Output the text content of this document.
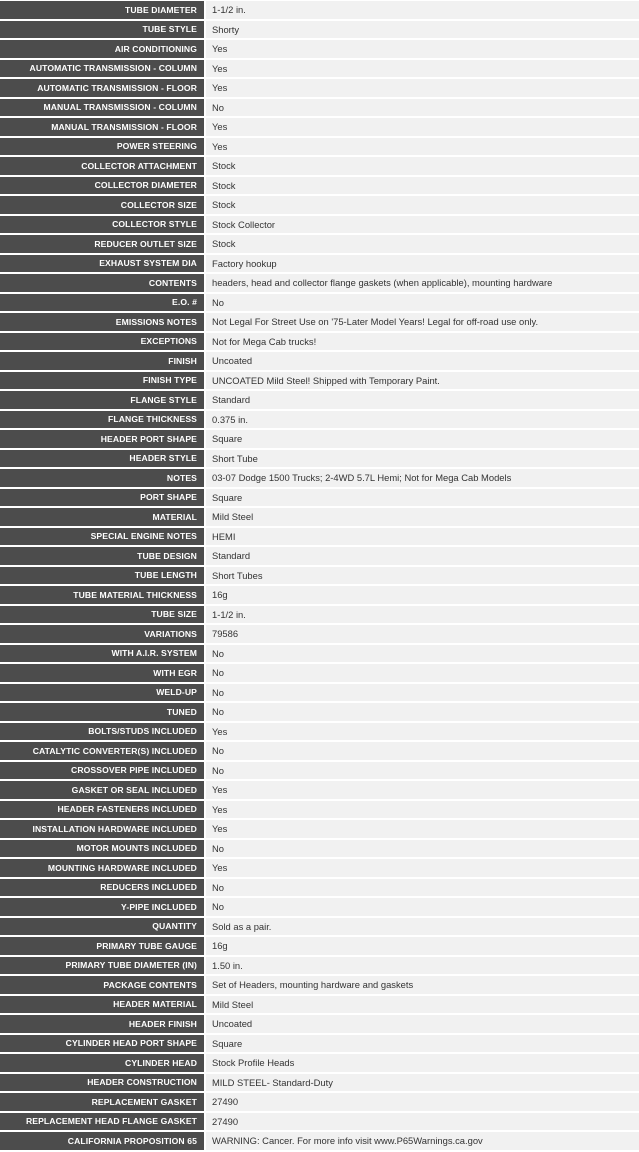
TUBE DIAMETER	1-1/2 in.
TUBE STYLE	Shorty
AIR CONDITIONING	Yes
AUTOMATIC TRANSMISSION - COLUMN	Yes
AUTOMATIC TRANSMISSION - FLOOR	Yes
MANUAL TRANSMISSION - COLUMN	No
MANUAL TRANSMISSION - FLOOR	Yes
POWER STEERING	Yes
COLLECTOR ATTACHMENT	Stock
COLLECTOR DIAMETER	Stock
COLLECTOR SIZE	Stock
COLLECTOR STYLE	Stock Collector
REDUCER OUTLET SIZE	Stock
EXHAUST SYSTEM DIA	Factory hookup
CONTENTS	headers, head and collector flange gaskets (when applicable), mounting hardware
E.O. #	No
EMISSIONS NOTES	Not Legal For Street Use on '75-Later Model Years! Legal for off-road use only.
EXCEPTIONS	Not for Mega Cab trucks!
FINISH	Uncoated
FINISH TYPE	UNCOATED Mild Steel! Shipped with Temporary Paint.
FLANGE STYLE	Standard
FLANGE THICKNESS	0.375 in.
HEADER PORT SHAPE	Square
HEADER STYLE	Short Tube
NOTES	03-07 Dodge 1500 Trucks; 2-4WD 5.7L Hemi; Not for Mega Cab Models
PORT SHAPE	Square
MATERIAL	Mild Steel
SPECIAL ENGINE NOTES	HEMI
TUBE DESIGN	Standard
TUBE LENGTH	Short Tubes
TUBE MATERIAL THICKNESS	16g
TUBE SIZE	1-1/2 in.
VARIATIONS	79586
WITH A.I.R. SYSTEM	No
WITH EGR	No
WELD-UP	No
TUNED	No
BOLTS/STUDS INCLUDED	Yes
CATALYTIC CONVERTER(S) INCLUDED	No
CROSSOVER PIPE INCLUDED	No
GASKET OR SEAL INCLUDED	Yes
HEADER FASTENERS INCLUDED	Yes
INSTALLATION HARDWARE INCLUDED	Yes
MOTOR MOUNTS INCLUDED	No
MOUNTING HARDWARE INCLUDED	Yes
REDUCERS INCLUDED	No
Y-PIPE INCLUDED	No
QUANTITY	Sold as a pair.
PRIMARY TUBE GAUGE	16g
PRIMARY TUBE DIAMETER (IN)	1.50 in.
PACKAGE CONTENTS	Set of Headers, mounting hardware and gaskets
HEADER MATERIAL	Mild Steel
HEADER FINISH	Uncoated
CYLINDER HEAD PORT SHAPE	Square
CYLINDER HEAD	Stock Profile Heads
HEADER CONSTRUCTION	MILD STEEL- Standard-Duty
REPLACEMENT GASKET	27490
REPLACEMENT HEAD FLANGE GASKET	27490
CALIFORNIA PROPOSITION 65	WARNING: Cancer. For more info visit www.P65Warnings.ca.gov
